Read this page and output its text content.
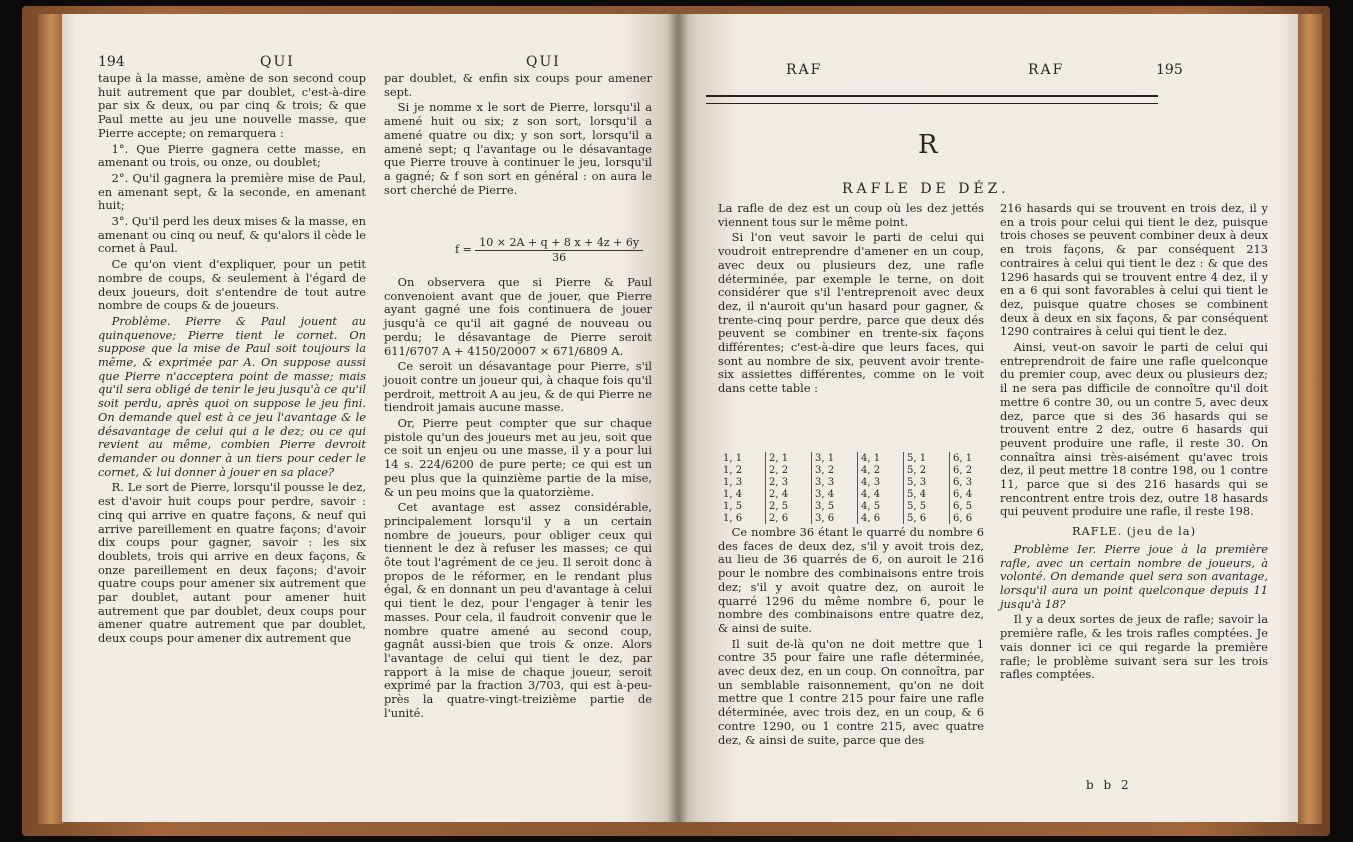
194	QUI	QUI

taupe à la masse, amène de son second coup huit autrement que par doublet, c'est-à-dire par six & deux, ou par cinq & trois; & que Paul mette au jeu une nouvelle masse, que Pierre accepte; on remarquera :

1°. Que Pierre gagnera cette masse, en amenant ou trois, ou onze, ou doublet;

2°. Qu'il gagnera la première mise de Paul, en amenant sept, & la seconde, en amenant huit;

3°. Qu'il perd les deux mises & la masse, en amenant ou cinq ou neuf, & qu'alors il cède le cornet à Paul.

Ce qu'on vient d'expliquer, pour un petit nombre de coups, & seulement à l'égard de deux joueurs, doit s'entendre de tout autre nombre de coups & de joueurs.

Problème. Pierre & Paul jouent au quinquenove; Pierre tient le cornet. On suppose que la mise de Paul soit toujours la même, & exprimée par A. On suppose aussi que Pierre n'acceptera point de masse; mais qu'il sera obligé de tenir le jeu jusqu'à ce qu'il soit perdu, après quoi on suppose le jeu fini. On demande quel est à ce jeu l'avantage & le désavantage de celui qui a le dez; ou ce qui revient au même, combien Pierre devroit demander ou donner à un tiers pour ceder le cornet, & lui donner à jouer en sa place?

R. Le sort de Pierre, lorsqu'il pousse le dez, est d'avoir huit coups pour perdre, savoir : cinq qui arrive en quatre façons, & neuf qui arrive pareillement en quatre façons; d'avoir dix coups pour gagner, savoir : les six doublets, trois qui arrive en deux façons, & onze pareillement en deux façons; d'avoir quatre coups pour amener six autrement que par doublet, autant pour amener huit autrement que par doublet, deux coups pour amener quatre autrement que par doublet, deux coups pour amener dix autrement que

par doublet, & enfin six coups pour amener sept.

Si je nomme x le sort de Pierre, lorsqu'il a amené huit ou six; z son sort, lorsqu'il a amené quatre ou dix; y son sort, lorsqu'il a amené sept; q l'avantage ou le désavantage que Pierre trouve à continuer le jeu, lorsqu'il a gagné; & f son sort en général : on aura le sort cherché de Pierre.

On observera que si Pierre & Paul convenoient avant que de jouer, que Pierre ayant gagné une fois continuera de jouer jusqu'à ce qu'il ait gagné de nouveau ou perdu; le désavantage de Pierre seroit 611/6707 A + 4150/20007 × 671/6809 A.

Ce seroit un désavantage pour Pierre, s'il jouoit contre un joueur qui, à chaque fois qu'il perdroit, mettroit A au jeu, & de qui Pierre ne tiendroit jamais aucune masse.

Or, Pierre peut compter que sur chaque pistole qu'un des joueurs met au jeu, soit que ce soit un enjeu ou une masse, il y a pour lui 14 s. 224/6200 de pure perte; ce qui est un peu plus que la quinzième partie de la mise, & un peu moins que la quatorzième.

Cet avantage est assez considérable, principalement lorsqu'il y a un certain nombre de joueurs, pour obliger ceux qui tiennent le dez à refuser les masses; ce qui ôte tout l'agrément de ce jeu. Il seroit donc à propos de le réformer, en le rendant plus égal, & en donnant un peu d'avantage à celui qui tient le dez, pour l'engager à tenir les masses. Pour cela, il faudroit convenir que le nombre quatre amené au second coup, gagnât aussi-bien que trois & onze. Alors l'avantage de celui qui tient le dez, par rapport à la mise de chaque joueur, seroit exprimé par la fraction 3/703, qui est à-peu-près la quatre-vingt-treizième partie de l'unité.

$f = \frac{10 \times 2A + q + 8 x + 4z + 6y}{36}$
RAF	RAF	195

La rafle de dez est un coup où les dez jettés viennent tous sur le même point.

Si l'on veut savoir le parti de celui qui voudroit entreprendre d'amener en un coup, avec deux ou plusieurs dez, une rafle déterminée, par exemple le terne, on doit considérer que s'il l'entreprenoit avec deux dez, il n'auroit qu'un hasard pour gagner, & trente-cinq pour perdre, parce que deux dés peuvent se combiner en trente-six façons différentes; c'est-à-dire que leurs faces, qui sont au nombre de six, peuvent avoir trente-six assiettes différentes, comme on le voit dans cette table :

Ce nombre 36 étant le quarré du nombre 6 des faces de deux dez, s'il y avoit trois dez, au lieu de 36 quarrés de 6, on auroit le 216 pour le nombre des combinaisons entre trois dez; s'il y avoit quatre dez, on auroit le quarré 1296 du même nombre 6, pour le nombre des combinaisons entre quatre dez, & ainsi de suite.

Il suit de-là qu'on ne doit mettre que 1 contre 35 pour faire une rafle déterminée, avec deux dez, en un coup. On connoîtra, par un semblable raisonnement, qu'on ne doit mettre que 1 contre 215 pour faire une rafle déterminée, avec trois dez, en un coup, & 6 contre 1290, ou 1 contre 215, avec quatre dez, & ainsi de suite, parce que des

216 hasards qui se trouvent en trois dez, il y en a trois pour celui qui tient le dez, puisque trois choses se peuvent combiner deux à deux en trois façons, & par conséquent 213 contraires à celui qui tient le dez : & que des 1296 hasards qui se trouvent entre 4 dez, il y en a 6 qui sont favorables à celui qui tient le dez, puisque quatre choses se combinent deux à deux en six façons, & par conséquent 1290 contraires à celui qui tient le dez.

Ainsi, veut-on savoir le parti de celui qui entreprendroit de faire une rafle quelconque du premier coup, avec deux ou plusieurs dez; il ne sera pas difficile de connoître qu'il doit mettre 6 contre 30, ou un contre 5, avec deux dez, parce que si des 36 hasards qui se trouvent entre 2 dez, outre 6 hasards qui peuvent produire une rafle, il reste 30. On connaîtra ainsi très-aisément qu'avec trois dez, il peut mettre 18 contre 198, ou 1 contre 11, parce que si des 216 hasards qui se rencontrent entre trois dez, outre 18 hasards qui peuvent produire une rafle, il reste 198.

RAFLE. (jeu de la)

Problème Ier. Pierre joue à la première rafle, avec un certain nombre de joueurs, à volonté. On demande quel sera son avantage, lorsqu'il aura un point quelconque depuis 11 jusqu'à 18?

Il y a deux sortes de jeux de rafle; savoir la première rafle, & les trois rafles comptées. Je vais donner ici ce qui regarde la première rafle; le problème suivant sera sur les trois rafles comptées.

R
RAFLE DE DÉZ.
1, 1	2, 1	3, 1	4, 1	5, 1	6, 1
1, 2	2, 2	3, 2	4, 2	5, 2	6, 2
1, 3	2, 3	3, 3	4, 3	5, 3	6, 3
1, 4	2, 4	3, 4	4, 4	5, 4	6, 4
1, 5	2, 5	3, 5	4, 5	5, 5	6, 5
1, 6	2, 6	3, 6	4, 6	5, 6	6, 6
b b 2
